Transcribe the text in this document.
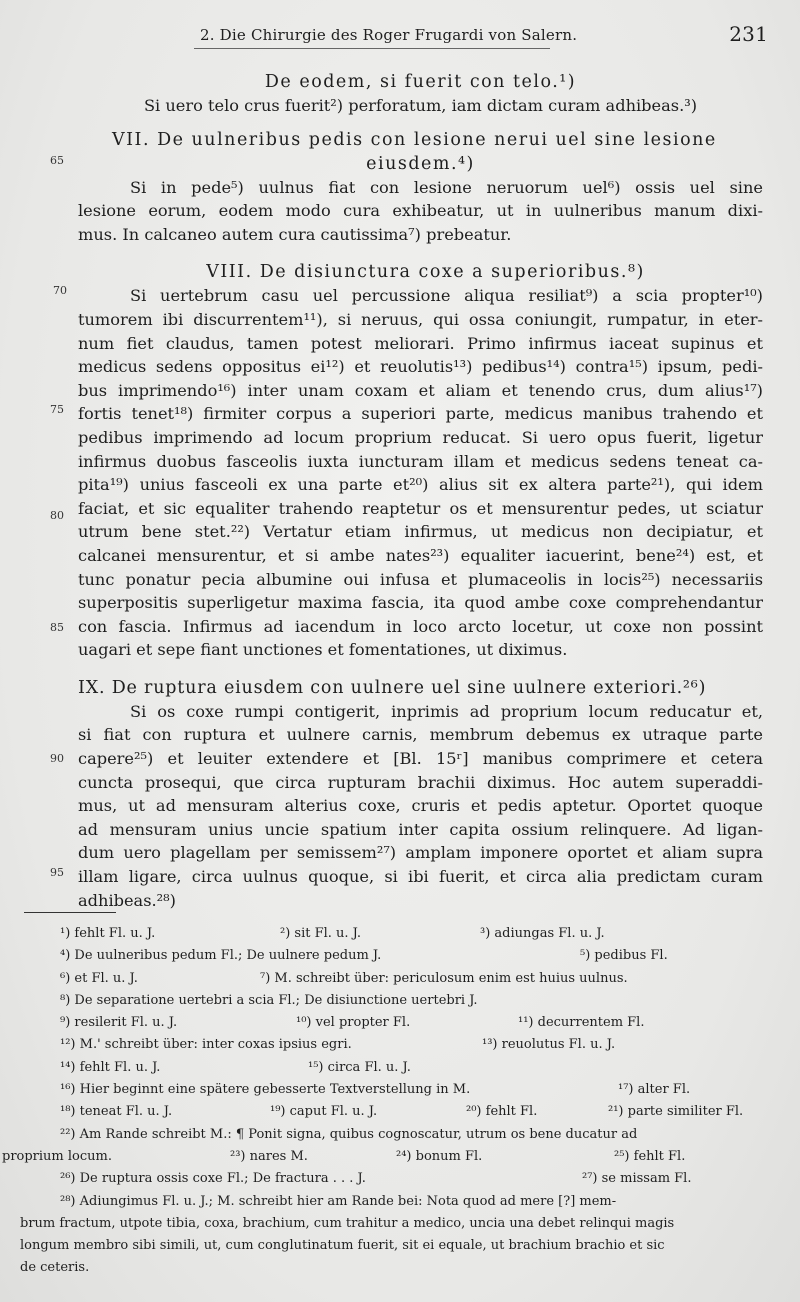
2. Die Chirurgie des Roger Frugardi von Salern.	231
65
70
75
80
85
90
95
De eodem, si fuerit con telo.¹)
Si uero telo crus fuerit²) perforatum, iam dictam curam adhibeas.³)
VII. De uulneribus pedis con lesione nerui uel sine lesione
eiusdem.⁴)
Si in pede⁵) uulnus fiat con lesione neruorum uel⁶) ossis uel sine
lesione eorum, eodem modo cura exhibeatur, ut in uulneribus manum dixi-
mus. In calcaneo autem cura cautissima⁷) prebeatur.
VIII. De disiunctura coxe a superioribus.⁸)
Si uertebrum casu uel percussione aliqua resiliat⁹) a scia propter¹⁰)
tumorem ibi discurrentem¹¹), si neruus, qui ossa coniungit, rumpatur, in eter-
num fiet claudus, tamen potest meliorari. Primo infirmus iaceat supinus et
medicus sedens oppositus ei¹²) et reuolutis¹³) pedibus¹⁴) contra¹⁵) ipsum, pedi-
bus imprimendo¹⁶) inter unam coxam et aliam et tenendo crus, dum alius¹⁷)
fortis tenet¹⁸) firmiter corpus a superiori parte, medicus manibus trahendo et
pedibus imprimendo ad locum proprium reducat. Si uero opus fuerit, ligetur
infirmus duobus fasceolis iuxta iuncturam illam et medicus sedens teneat ca-
pita¹⁹) unius fasceoli ex una parte et²⁰) alius sit ex altera parte²¹), qui idem
faciat, et sic equaliter trahendo reaptetur os et mensurentur pedes, ut sciatur
utrum bene stet.²²) Vertatur etiam infirmus, ut medicus non decipiatur, et
calcanei mensurentur, et si ambe nates²³) equaliter iacuerint, bene²⁴) est, et
tunc ponatur pecia albumine oui infusa et plumaceolis in locis²⁵) necessariis
superpositis superligetur maxima fascia, ita quod ambe coxe comprehendantur
con fascia. Infirmus ad iacendum in loco arcto locetur, ut coxe non possint
uagari et sepe fiant unctiones et fomentationes, ut diximus.
IX. De ruptura eiusdem con uulnere uel sine uulnere exteriori.²⁶)
Si os coxe rumpi contigerit, inprimis ad proprium locum reducatur et,
si fiat con ruptura et uulnere carnis, membrum debemus ex utraque parte
capere²⁵) et leuiter extendere et [Bl. 15ʳ] manibus comprimere et cetera
cuncta prosequi, que circa rupturam brachii diximus. Hoc autem superaddi-
mus, ut ad mensuram alterius coxe, cruris et pedis aptetur. Oportet quoque
ad mensuram unius uncie spatium inter capita ossium relinquere. Ad ligan-
dum uero plagellam per semissem²⁷) amplam imponere oportet et aliam supra
illam ligare, circa uulnus quoque, si ibi fuerit, et circa alia predictam curam
adhibeas.²⁸)
¹) fehlt Fl. u. J.	²) sit Fl. u. J.	³) adiungas Fl. u. J.
⁴) De uulneribus pedum Fl.; De uulnere pedum J.	⁵) pedibus Fl.
⁶) et Fl. u. J.	⁷) M. schreibt über: periculosum enim est huius uulnus.
⁸) De separatione uertebri a scia Fl.; De disiunctione uertebri J.
⁹) resilerit Fl. u. J.	¹⁰) vel propter Fl.	¹¹) decurrentem Fl.
¹²) M.' schreibt über: inter coxas ipsius egri.	¹³) reuolutus Fl. u. J.
¹⁴) fehlt Fl. u. J.	¹⁵) circa Fl. u. J.
¹⁶) Hier beginnt eine spätere gebesserte Textverstellung in M.	¹⁷) alter Fl.
¹⁸) teneat Fl. u. J.	¹⁹) caput Fl. u. J.	²⁰) fehlt Fl.	²¹) parte similiter Fl.
²²) Am Rande schreibt M.: ¶ Ponit signa, quibus cognoscatur, utrum os bene ducatur ad
proprium locum.	²³) nares M.	²⁴) bonum Fl.	²⁵) fehlt Fl.
²⁶) De ruptura ossis coxe Fl.; De fractura . . . J.	²⁷) se missam Fl.
²⁸) Adiungimus Fl. u. J.; M. schreibt hier am Rande bei: Nota quod ad mere [?] mem-
brum fractum, utpote tibia, coxa, brachium, cum trahitur a medico, uncia una debet relinqui magis
longum membro sibi simili, ut, cum conglutinatum fuerit, sit ei equale, ut brachium brachio et sic
de ceteris.
